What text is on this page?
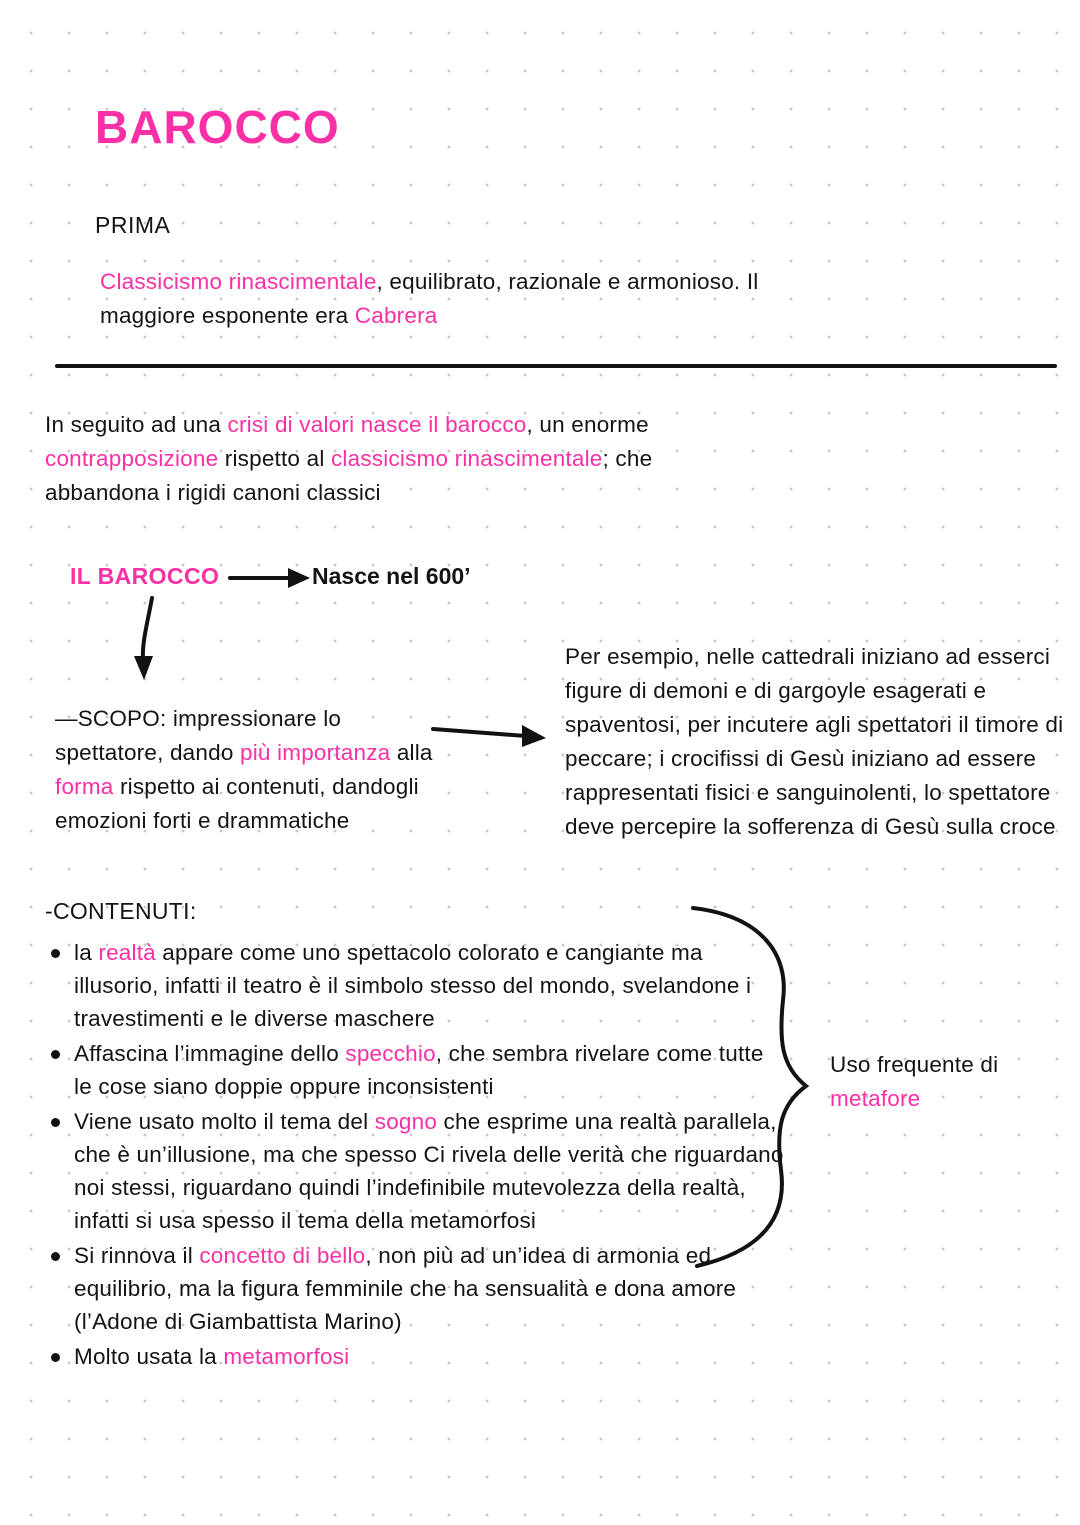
BAROCCO
PRIMA

Classicismo rinascimentale, equilibrato, razionale e armonioso. Il maggiore esponente era Cabrera

In seguito ad una crisi di valori nasce il barocco, un enorme contrapposizione rispetto al classicismo rinascimentale; che abbandona i rigidi canoni classici

IL BAROCCO	Nasce nel 600’

—SCOPO: impressionare lo spettatore, dando più importanza alla forma rispetto ai contenuti, dandogli emozioni forti e drammatiche

Per esempio, nelle cattedrali iniziano ad esserci figure di demoni e di gargoyle esagerati e spaventosi, per incutere agli spettatori il timore di peccare; i crocifissi di Gesù iniziano ad essere rappresentati fisici e sanguinolenti, lo spettatore deve percepire la sofferenza di Gesù sulla croce

-CONTENUTI:

la realtà appare come uno spettacolo colorato e cangiante ma illusorio, infatti il teatro è il simbolo stesso del mondo, svelandone i travestimenti e le diverse maschere

Affascina l’immagine dello specchio, che sembra rivelare come tutte le cose siano doppie oppure inconsistenti

Viene usato molto il tema del sogno che esprime una realtà parallela, che è un’illusione, ma che spesso Ci rivela delle verità che riguardano noi stessi, riguardano quindi l’indefinibile mutevolezza della realtà, infatti si usa spesso il tema della metamorfosi

Si rinnova il concetto di bello, non più ad un’idea di armonia ed equilibrio, ma la figura femminile che ha sensualità e dona amore (l’Adone di Giambattista Marino)

Molto usata la metamorfosi

Uso frequente di metafore
